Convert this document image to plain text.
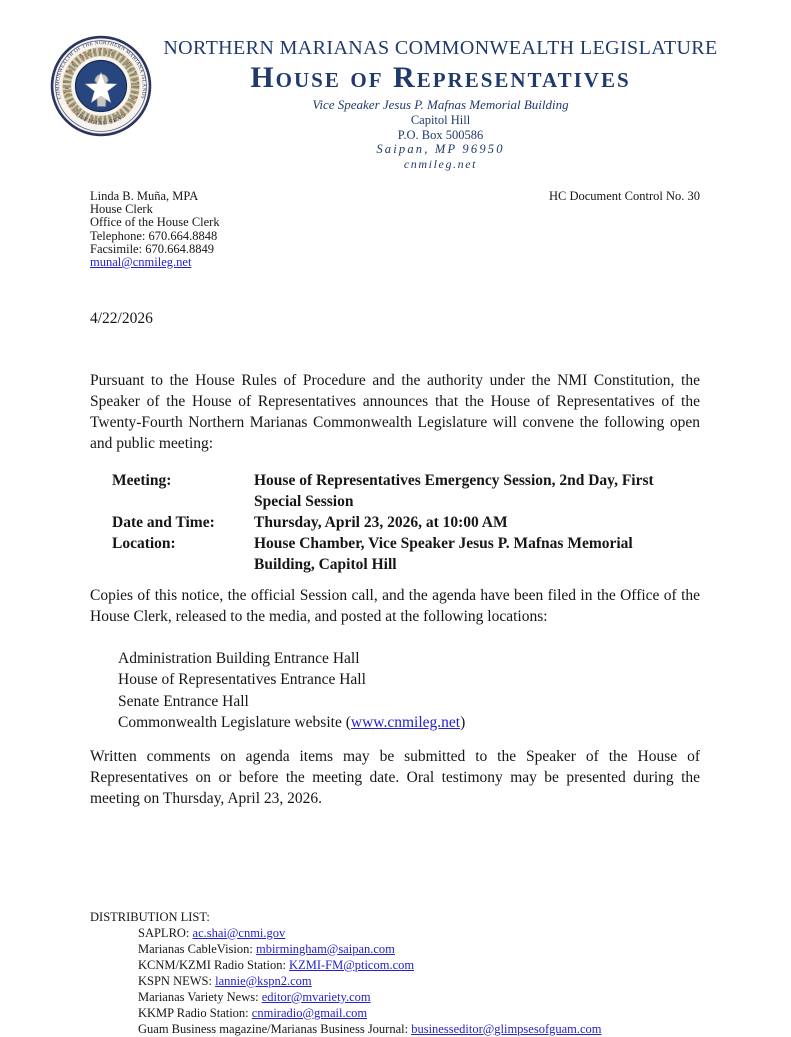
COMMONWEALTH OF THE NORTHERN MARIANA ISLANDS
OFFICIAL SEAL
NORTHERN MARIANAS COMMONWEALTH LEGISLATURE
House of Representatives
Vice Speaker Jesus P. Mafnas Memorial Building
Capitol Hill
P.O. Box 500586
Saipan, MP 96950
cnmileg.net
Linda B. Muña, MPA
House Clerk
Office of the House Clerk
Telephone: 670.664.8848
Facsimile: 670.664.8849
munal@cnmileg.net
HC Document Control No. 30
4/22/2026

Pursuant to the House Rules of Procedure and the authority under the NMI Constitution, the Speaker of the House of Representatives announces that the House of Representatives of the Twenty-Fourth Northern Marianas Commonwealth Legislature will convene the following open and public meeting:

Meeting:	House of Representatives Emergency Session, 2nd Day, First Special Session
Date and Time:	Thursday, April 23, 2026, at 10:00 AM
Location:	House Chamber, Vice Speaker Jesus P. Mafnas Memorial Building, Capitol Hill

Copies of this notice, the official Session call, and the agenda have been filed in the Office of the House Clerk, released to the media, and posted at the following locations:

Administration Building Entrance Hall
House of Representatives Entrance Hall
Senate Entrance Hall
Commonwealth Legislature website (www.cnmileg.net)

Written comments on agenda items may be submitted to the Speaker of the House of Representatives on or before the meeting date. Oral testimony may be presented during the meeting on Thursday, April 23, 2026.

DISTRIBUTION LIST:
SAPLRO: ac.shai@cnmi.gov
Marianas CableVision: mbirmingham@saipan.com
KCNM/KZMI Radio Station: KZMI-FM@pticom.com
KSPN NEWS: lannie@kspn2.com
Marianas Variety News: editor@mvariety.com
KKMP Radio Station: cnmiradio@gmail.com
Guam Business magazine/Marianas Business Journal: businesseditor@glimpsesofguam.com
